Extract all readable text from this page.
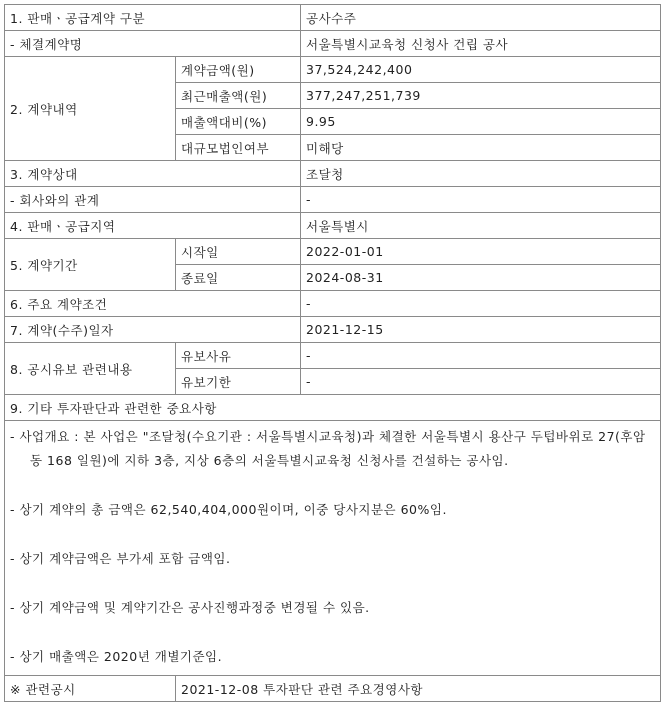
1. 판매ㆍ공급계약 구분		공사수주
- 체결계약명		서울특별시교육청 신청사 건립 공사
2. 계약내역	계약금액(원)	37,524,242,400
	최근매출액(원)	377,247,251,739
	매출액대비(%)	9.95
	대규모법인여부	미해당
3. 계약상대		조달청
- 회사와의 관계		-
4. 판매ㆍ공급지역		서울특별시
5. 계약기간	시작일	2022-01-01
	종료일	2024-08-31
6. 주요 계약조건		-
7. 계약(수주)일자		2021-12-15
8. 공시유보 관련내용	유보사유	-
	유보기한	-
9. 기타 투자판단과 관련한 중요사항		

- 사업개요 : 본 사업은 "조달청(수요기관 : 서울특별시교육청)과 체결한 서울특별시 용산구 두텁바위로 27(후암동 168 일원)에 지하 3층, 지상 6층의 서울특별시교육청 신청사를 건설하는 공사임.
- 상기 계약의 총 금액은 62,540,404,000원이며, 이중 당사지분은 60%임.
- 상기 계약금액은 부가세 포함 금액임.
- 상기 계약금액 및 계약기간은 공사진행과정중 변경될 수 있음.
- 상기 매출액은 2020년 개별기준임.		

※ 관련공시	2021-12-08 투자판단 관련 주요경영사항	
